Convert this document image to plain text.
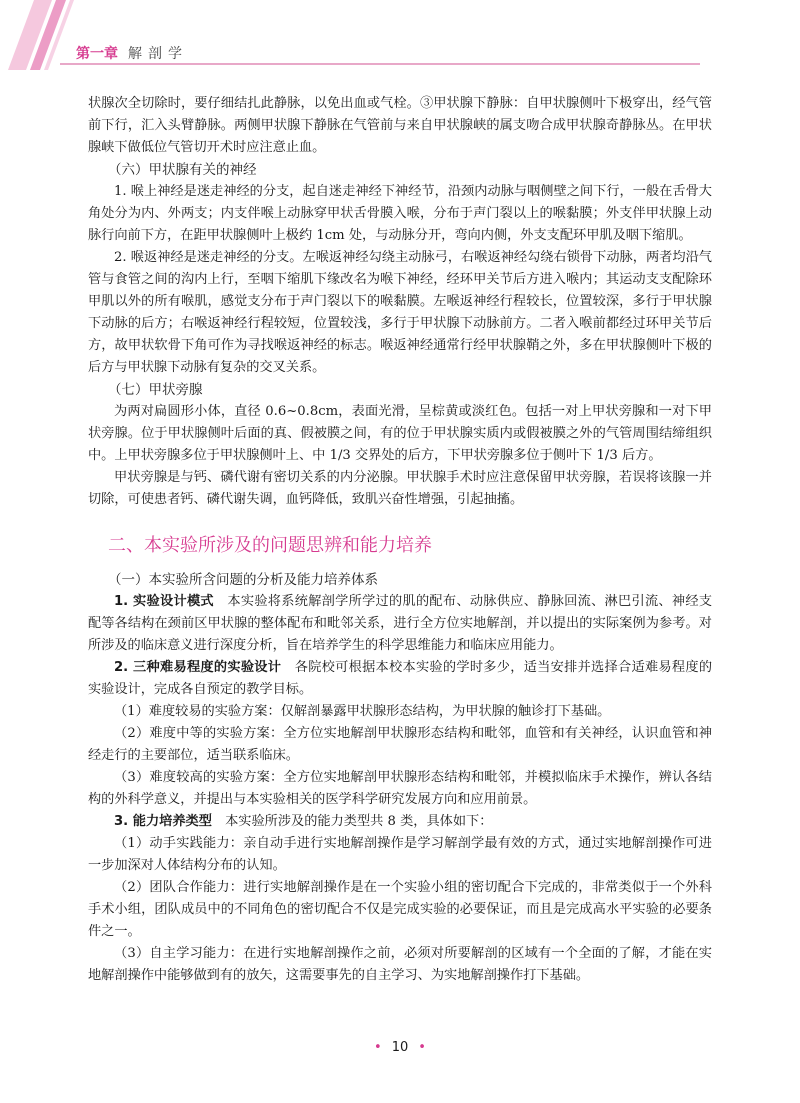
第一章 解剖学

状腺次全切除时，要仔细结扎此静脉，以免出血或气栓。③甲状腺下静脉：自甲状腺侧叶下极穿出，经气管前下行，汇入头臂静脉。两侧甲状腺下静脉在气管前与来自甲状腺峡的属支吻合成甲状腺奇静脉丛。在甲状腺峡下做低位气管切开术时应注意止血。

（六）甲状腺有关的神经

1. 喉上神经是迷走神经的分支，起自迷走神经下神经节，沿颈内动脉与咽侧壁之间下行，一般在舌骨大角处分为内、外两支；内支伴喉上动脉穿甲状舌骨膜入喉，分布于声门裂以上的喉黏膜；外支伴甲状腺上动脉行向前下方，在距甲状腺侧叶上极约 1cm 处，与动脉分开，弯向内侧，外支支配环甲肌及咽下缩肌。

2. 喉返神经是迷走神经的分支。左喉返神经勾绕主动脉弓，右喉返神经勾绕右锁骨下动脉，两者均沿气管与食管之间的沟内上行，至咽下缩肌下缘改名为喉下神经，经环甲关节后方进入喉内；其运动支支配除环甲肌以外的所有喉肌，感觉支分布于声门裂以下的喉黏膜。左喉返神经行程较长，位置较深，多行于甲状腺下动脉的后方；右喉返神经行程较短，位置较浅，多行于甲状腺下动脉前方。二者入喉前都经过环甲关节后方，故甲状软骨下角可作为寻找喉返神经的标志。喉返神经通常行经甲状腺鞘之外，多在甲状腺侧叶下极的后方与甲状腺下动脉有复杂的交叉关系。

（七）甲状旁腺

为两对扁圆形小体，直径 0.6~0.8cm，表面光滑，呈棕黄或淡红色。包括一对上甲状旁腺和一对下甲状旁腺。位于甲状腺侧叶后面的真、假被膜之间，有的位于甲状腺实质内或假被膜之外的气管周围结缔组织中。上甲状旁腺多位于甲状腺侧叶上、中 1/3 交界处的后方，下甲状旁腺多位于侧叶下 1/3 后方。

甲状旁腺是与钙、磷代谢有密切关系的内分泌腺。甲状腺手术时应注意保留甲状旁腺，若误将该腺一并切除，可使患者钙、磷代谢失调，血钙降低，致肌兴奋性增强，引起抽搐。

二、本实验所涉及的问题思辨和能力培养

（一）本实验所含问题的分析及能力培养体系

1. 实验设计模式　 本实验将系统解剖学所学过的肌的配布、动脉供应、静脉回流、淋巴引流、神经支配等各结构在颈前区甲状腺的整体配布和毗邻关系，进行全方位实地解剖，并以提出的实际案例为参考。对所涉及的临床意义进行深度分析，旨在培养学生的科学思维能力和临床应用能力。

2. 三种难易程度的实验设计　 各院校可根据本校本实验的学时多少，适当安排并选择合适难易程度的实验设计，完成各自预定的教学目标。

（1）难度较易的实验方案：仅解剖暴露甲状腺形态结构，为甲状腺的触诊打下基础。

（2）难度中等的实验方案：全方位实地解剖甲状腺形态结构和毗邻，血管和有关神经，认识血管和神经走行的主要部位，适当联系临床。

（3）难度较高的实验方案：全方位实地解剖甲状腺形态结构和毗邻，并模拟临床手术操作，辨认各结构的外科学意义，并提出与本实验相关的医学科学研究发展方向和应用前景。

3. 能力培养类型　 本实验所涉及的能力类型共 8 类，具体如下：

（1）动手实践能力：亲自动手进行实地解剖操作是学习解剖学最有效的方式，通过实地解剖操作可进一步加深对人体结构分布的认知。

（2）团队合作能力：进行实地解剖操作是在一个实验小组的密切配合下完成的，非常类似于一个外科手术小组，团队成员中的不同角色的密切配合不仅是完成实验的必要保证，而且是完成高水平实验的必要条件之一。

（3）自主学习能力：在进行实地解剖操作之前，必须对所要解剖的区域有一个全面的了解，才能在实地解剖操作中能够做到有的放矢，这需要事先的自主学习、为实地解剖操作打下基础。

• 10 •
